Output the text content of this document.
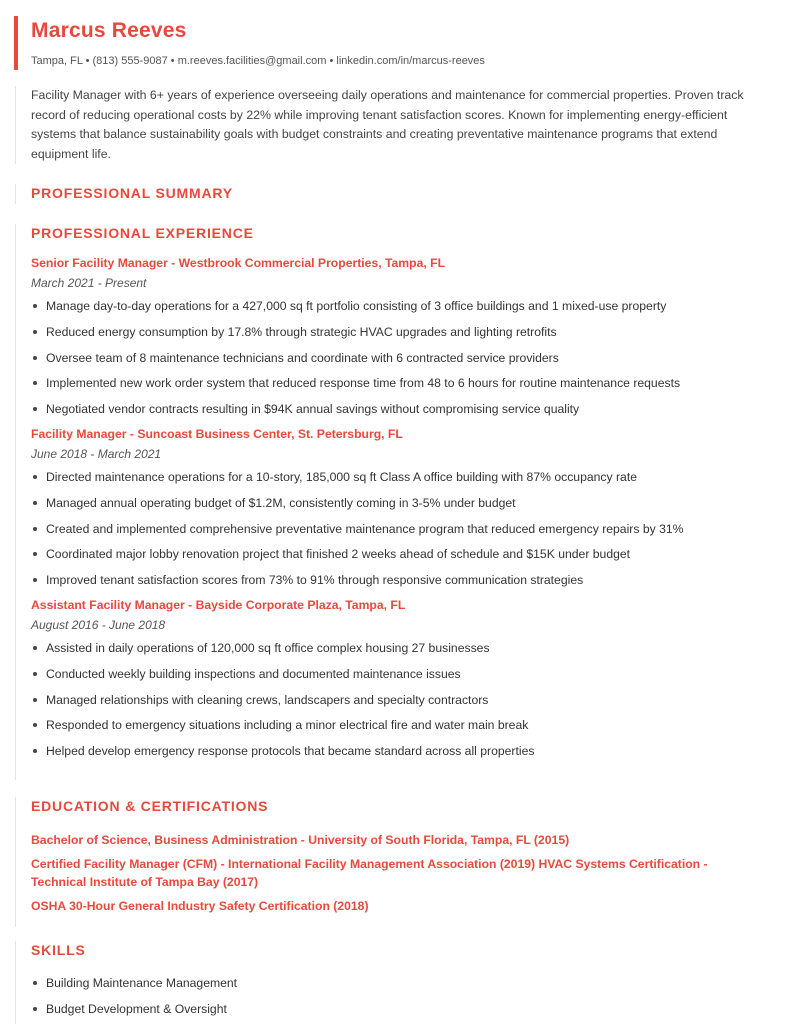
Marcus Reeves
Tampa, FL • (813) 555-9087 • m.reeves.facilities@gmail.com • linkedin.com/in/marcus-reeves
Facility Manager with 6+ years of experience overseeing daily operations and maintenance for commercial properties. Proven track record of reducing operational costs by 22% while improving tenant satisfaction scores. Known for implementing energy-efficient systems that balance sustainability goals with budget constraints and creating preventative maintenance programs that extend equipment life.
PROFESSIONAL SUMMARY
PROFESSIONAL EXPERIENCE
Senior Facility Manager - Westbrook Commercial Properties, Tampa, FL
March 2021 - Present
Manage day-to-day operations for a 427,000 sq ft portfolio consisting of 3 office buildings and 1 mixed-use property
Reduced energy consumption by 17.8% through strategic HVAC upgrades and lighting retrofits
Oversee team of 8 maintenance technicians and coordinate with 6 contracted service providers
Implemented new work order system that reduced response time from 48 to 6 hours for routine maintenance requests
Negotiated vendor contracts resulting in $94K annual savings without compromising service quality
Facility Manager - Suncoast Business Center, St. Petersburg, FL
June 2018 - March 2021
Directed maintenance operations for a 10-story, 185,000 sq ft Class A office building with 87% occupancy rate
Managed annual operating budget of $1.2M, consistently coming in 3-5% under budget
Created and implemented comprehensive preventative maintenance program that reduced emergency repairs by 31%
Coordinated major lobby renovation project that finished 2 weeks ahead of schedule and $15K under budget
Improved tenant satisfaction scores from 73% to 91% through responsive communication strategies
Assistant Facility Manager - Bayside Corporate Plaza, Tampa, FL
August 2016 - June 2018
Assisted in daily operations of 120,000 sq ft office complex housing 27 businesses
Conducted weekly building inspections and documented maintenance issues
Managed relationships with cleaning crews, landscapers and specialty contractors
Responded to emergency situations including a minor electrical fire and water main break
Helped develop emergency response protocols that became standard across all properties
EDUCATION & CERTIFICATIONS
Bachelor of Science, Business Administration - University of South Florida, Tampa, FL (2015)
Certified Facility Manager (CFM) - International Facility Management Association (2019) HVAC Systems Certification - Technical Institute of Tampa Bay (2017)
OSHA 30-Hour General Industry Safety Certification (2018)
SKILLS
Building Maintenance Management
Budget Development & Oversight
